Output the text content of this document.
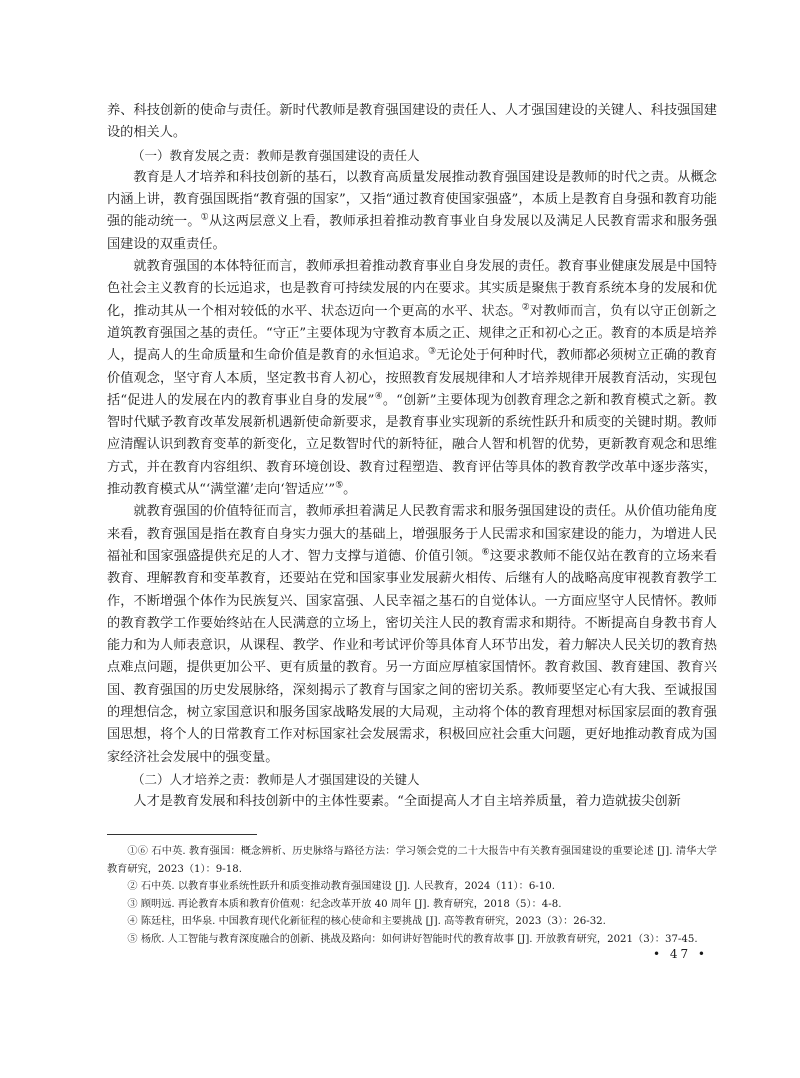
养、科技创新的使命与责任。新时代教师是教育强国建设的责任人、人才强国建设的关键人、科技强国建设的相关人。

（一）教育发展之责：教师是教育强国建设的责任人

教育是人才培养和科技创新的基石，以教育高质量发展推动教育强国建设是教师的时代之责。从概念内涵上讲，教育强国既指“教育强的国家”，又指“通过教育使国家强盛”，本质上是教育自身强和教育功能强的能动统一。①从这两层意义上看，教师承担着推动教育事业自身发展以及满足人民教育需求和服务强国建设的双重责任。

就教育强国的本体特征而言，教师承担着推动教育事业自身发展的责任。教育事业健康发展是中国特色社会主义教育的长远追求，也是教育可持续发展的内在要求。其实质是聚焦于教育系统本身的发展和优化，推动其从一个相对较低的水平、状态迈向一个更高的水平、状态。②对教师而言，负有以守正创新之道筑教育强国之基的责任。“守正”主要体现为守教育本质之正、规律之正和初心之正。教育的本质是培养人，提高人的生命质量和生命价值是教育的永恒追求。③无论处于何种时代，教师都必须树立正确的教育价值观念，坚守育人本质，坚定教书育人初心，按照教育发展规律和人才培养规律开展教育活动，实现包括“促进人的发展在内的教育事业自身的发展”④。“创新”主要体现为创教育理念之新和教育模式之新。教智时代赋予教育改革发展新机遇新使命新要求，是教育事业实现新的系统性跃升和质变的关键时期。教师应清醒认识到教育变革的新变化，立足数智时代的新特征，融合人智和机智的优势，更新教育观念和思维方式，并在教育内容组织、教育环境创设、教育过程塑造、教育评估等具体的教育教学改革中逐步落实，推动教育模式从“‘满堂灌’走向‘智适应’”⑤。

就教育强国的价值特征而言，教师承担着满足人民教育需求和服务强国建设的责任。从价值功能角度来看，教育强国是指在教育自身实力强大的基础上，增强服务于人民需求和国家建设的能力，为增进人民福祉和国家强盛提供充足的人才、智力支撑与道德、价值引领。⑥这要求教师不能仅站在教育的立场来看教育、理解教育和变革教育，还要站在党和国家事业发展薪火相传、后继有人的战略高度审视教育教学工作，不断增强个体作为民族复兴、国家富强、人民幸福之基石的自觉体认。一方面应坚守人民情怀。教师的教育教学工作要始终站在人民满意的立场上，密切关注人民的教育需求和期待。不断提高自身教书育人能力和为人师表意识，从课程、教学、作业和考试评价等具体育人环节出发，着力解决人民关切的教育热点难点问题，提供更加公平、更有质量的教育。另一方面应厚植家国情怀。教育救国、教育建国、教育兴国、教育强国的历史发展脉络，深刻揭示了教育与国家之间的密切关系。教师要坚定心有大我、至诚报国的理想信念，树立家国意识和服务国家战略发展的大局观，主动将个体的教育理想对标国家层面的教育强国思想，将个人的日常教育工作对标国家社会发展需求，积极回应社会重大问题，更好地推动教育成为国家经济社会发展中的强变量。

（二）人才培养之责：教师是人才强国建设的关键人

人才是教育发展和科技创新中的主体性要素。“全面提高人才自主培养质量，着力造就拔尖创新

①⑥ 石中英. 教育强国：概念辨析、历史脉络与路径方法：学习领会党的二十大报告中有关教育强国建设的重要论述 [J]. 清华大学教育研究，2023（1）：9-18.
② 石中英. 以教育事业系统性跃升和质变推动教育强国建设 [J]. 人民教育，2024（11）：6-10.
③ 顾明远. 再论教育本质和教育价值观：纪念改革开放 40 周年 [J]. 教育研究，2018（5）：4-8.
④ 陈廷柱，田华泉. 中国教育现代化新征程的核心使命和主要挑战 [J]. 高等教育研究，2023（3）：26-32.
⑤ 杨欣. 人工智能与教育深度融合的创新、挑战及路向：如何讲好智能时代的教育故事 [J]. 开放教育研究，2021（3）：37-45.
• 47 •
